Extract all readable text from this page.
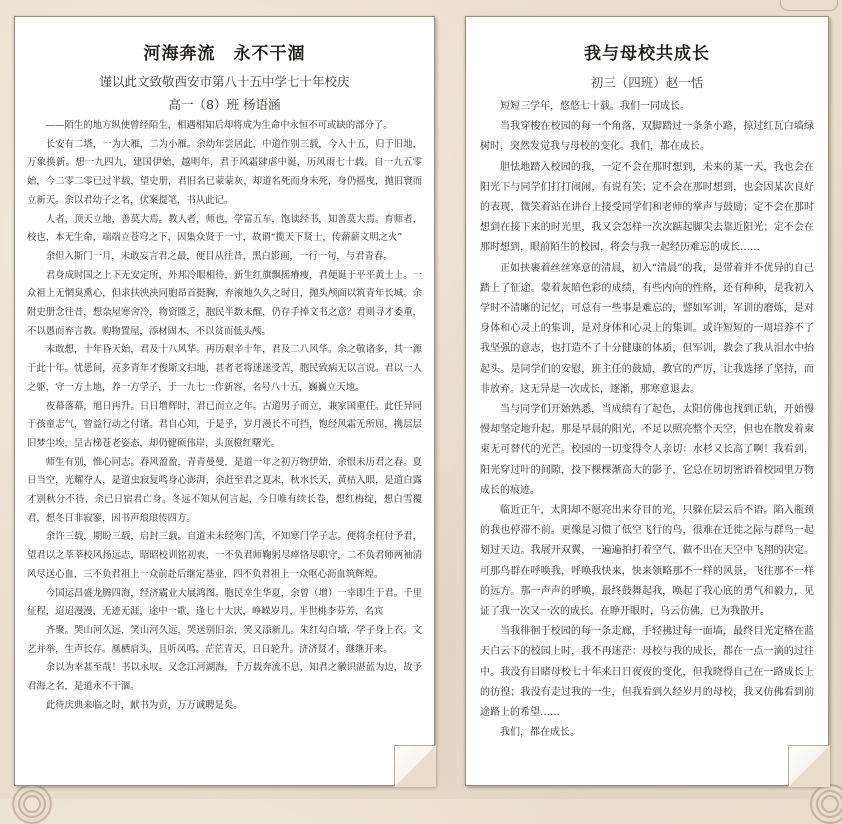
河海奔流　永不干涸

谨以此文致敬西安市第八十五中学七十年校庆

高一（8）班 杨语涵

——陌生的地方纵使曾经陌生，相遇相知后却将成为生命中永恒不可或缺的部分了。

长安有二塔，一为大雁，二为小雁。余幼年尝居此，中道作别三载，今入十五，归于旧地，万象换新。想一九四九，建国伊始，越明年，君于风霜肆虐中诞，历风雨七十载，自一九五零始，今二零二零已过半载，望史册，君旧名已蒙蒙灰，却道名死而身未死，身仍摇曳，抛旧寰而立新天。余以君幼子之名，伏案提笔，书从此记。

人者，顶天立地，善莫大焉。教人者，师也，学富五车，饱读经书，知善莫大焉。育师者，校也，本无生命，端端立苍穹之下，因集众贤于一寸，故谓“揽天下贤士，传薪薪文明之火”

余但入斯门一月，未敢妄言君之最，便目从往昔，黑白影画，一行一句，与君青春。

君身成时国之上下无安定所，外邦冷眼相待，新生红旗飘摇瘠瘦，君便诞于平平黄土上。一众祖上无惘臭熏心，但求扶泱泱同胞昂首挺胸，弃滚地久久之时日，抛头颅面以筑青年长城。余附史册念往昔，想杂屋寒舍冷，物资匮乏，胞民半数未醒，仍存手捧文书之意？君则寻才委重，不以愚而弃言教。购物置屋，添材固木，不以贫而低头颅。

未敢想，十年昏天始，君及十八风华。再历艰辛十年，君及二八风华。余之敬诸多，其一源于此十年。忧患间，亮多青年才俊斯文扫地，甚者老将迷迷受苦，胞民致病无以言说。君以一人之躯，守一方土地，养一方学子，于一九七一作新容，名号八十五，巍巍立天地。

夜幕落幕，旭日再升。日日增辉时，君已而立之年。古道男子而立，兼家国重任。此任异同于孩童志气，曾益行动之付诸。君自心知，于是乎，岁月漫长不可挡，饱经风霜无所屈，携层层旧梦尘埃，呈古梯苍老姿态，却仍健硕伟岸，头顶橙红曙光。

师生有别，惟心同志。春风盈盈，青青曼曼，是道一年之初万物伊始，余恨未历君之春。夏日当空，光耀夺人，是道虫寂复鸣身心澎湃，余赶至君之夏末，秋水长天，黄枯入眼，是道白露才别秋分不待，余已日宿君亡身。冬远不知从何言起，今日唯有续长卷，想红梅绽，想白雪覆君，想冬日非寂寥，因书声琅琅传四方。

余许三载，期盼三载，启封三载。自道未未经寒门苦，不知寒门学子志。便将余枉付予君，望君以之莘莘校风扬远志，昭昭校训铭初衷，一不负君师鞠躬尽瘁恪尽职守，二不负君师两袖清风尽送心血，三不负君祖上一众前赴后继定基业，四不负君祖上一众呕心沥血筑辉煌。

今国运昌盛龙腾四海，经济霸业大展鸿图。胞民幸生华夏，余曾（增）一幸即生于君。千里征程，迢迢漫漫，无迹无涯，途中一歌，逢七十大庆，峥嵘岁月，半世桃李芬芳，名宾

齐聚。哭山河久远，笑山河久远，哭送别旧亲，笑又添新儿。朱红勾白墙，学子身上衣。文艺并举，生声长存。凰栖肩头，且听凤鸣。茫茫青天，日日轮升。济济贤才，继继开来。

余以为幸甚至哉！书以永叹。又念江河湖海，千万载奔流不息，知君之徽识湛蓝为边，故予君海之名，是道永不干涸。

此待庆典来临之时，献书为贡，万万诚聘是矣。

我与母校共成长

初三（四班）赵一恬

短短三学年，悠悠七十载。我们一同成长。

当我穿梭在校园的每一个角落，双脚踏过一条条小路，掠过红瓦白墙绿树时，突然发觉我与母校的变化。我们，都在成长。

胆怯地踏入校园的我，一定不会在那时想到，未来的某一天，我也会在阳光下与同学们打打闹闹，有说有笑；定不会在那时想到，也会因某次良好的表现，微笑着站在讲台上接受同学们和老师的掌声与鼓励；定不会在那时想到在接下来的时光里，我又会怎样一次次踮起脚尖去靠近阳光；定不会在那时想到，眼前陌生的校园，将会与我一起经历难忘的成长……

正如挟裹着丝丝寒意的清晨，初入“清晨”的我，是带着并不优异的自己踏上了征途。蒙着灰暗色彩的成绩，有些内向的性格，还有种种，是我初入学时不清晰的记忆，可总有一些事是难忘的，譬如军训，军训的磨炼，是对身体和心灵上的集训，是对身体和心灵上的集训。或许短短的一周培养不了我坚强的意志，也打造不了十分健康的体质，但军训，教会了我从泪水中抬起头。是同学们的安慰，班主任的鼓励，教官的严厉，让我选择了坚持，而非放弃。这无异是一次成长，逐渐，那寒意退去。

当与同学们开始熟悉，当成绩有了起色，太阳仿佛也找到正轨，开始慢慢却坚定地升起。那是早晨的阳光，不足以照亮整个天空，但也在散发着束束无可替代的光芒。校园的一切变得令人亲切：水杉又长高了啊！我看到，阳光穿过叶的间隙，投下棵棵渐高大的影子，它总在切切密语着校园里万物成长的痕迹。

临近正午，太阳却不愿亮出来夺目的光，只躲在层云后不语。陷入瓶颈的我也停滞不前。更像是习惯了低空飞行的鸟，很难在迁徙之际与群鸟一起划过天边。我展开双翼，一遍遍拍打着空气，做不出在天空中飞翔的决定。可那鸟群在呼唤我，呼唤我快来，快来领略那不一样的风景，飞往那不一样的远方。那一声声的呼唤，最终鼓舞起我，唤起了我心底的勇气和毅力，见证了我一次又一次的成长。在睁开眼时，乌云仿佛，已为我散开。

当我徘徊于校园的每一条走廊，手轻拂过每一面墙，最终目光定格在蓝天白云下的校园上时，我不再迷茫：母校与我的成长，都在一点一滴的过往中。我没有目睹母校七十年来日日夜夜的变化，但我晓得自己在一路成长上的彷徨；我没有走过我的一生，但我看到久经岁月的母校，我又仿佛看到前途路上的希望……

我们，都在成长。
